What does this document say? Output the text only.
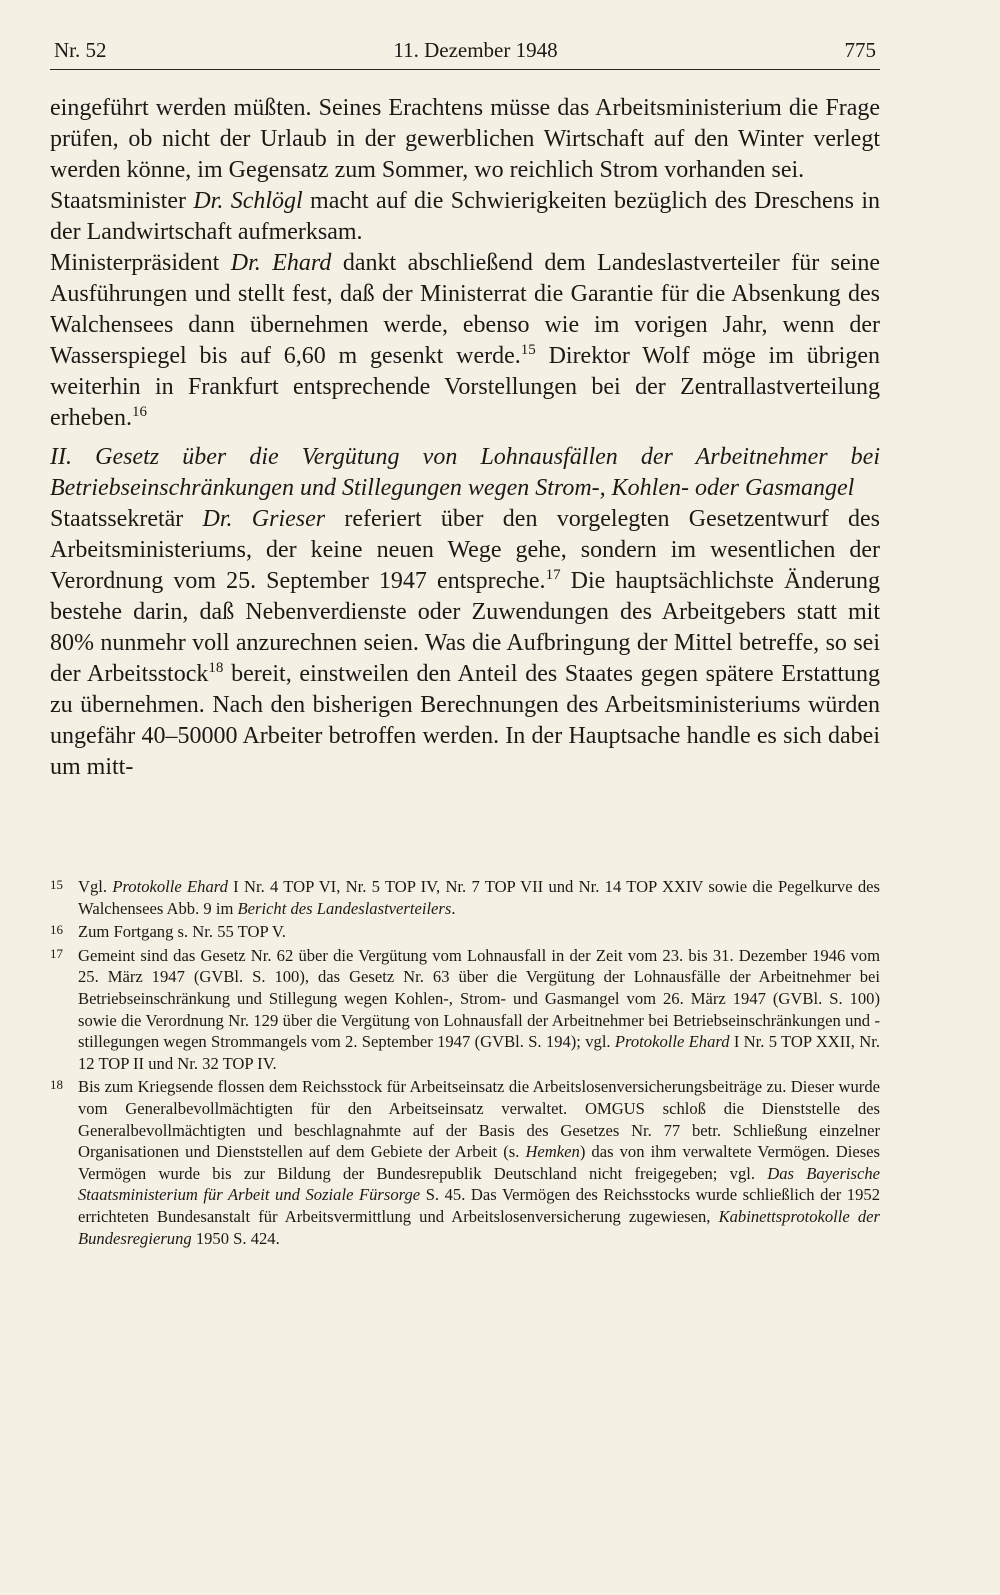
Nr. 52	11. Dezember 1948	775

eingeführt werden müßten. Seines Erachtens müsse das Arbeitsministerium die Frage prüfen, ob nicht der Urlaub in der gewerblichen Wirtschaft auf den Winter verlegt werden könne, im Gegensatz zum Sommer, wo reichlich Strom vorhanden sei.

Staatsminister Dr. Schlögl macht auf die Schwierigkeiten bezüglich des Dreschens in der Landwirtschaft aufmerksam.

Ministerpräsident Dr. Ehard dankt abschließend dem Landeslastverteiler für seine Ausführungen und stellt fest, daß der Ministerrat die Garantie für die Absenkung des Walchensees dann übernehmen werde, ebenso wie im vorigen Jahr, wenn der Wasserspiegel bis auf 6,60 m gesenkt werde.$^{15}$ Direktor Wolf möge im übrigen weiterhin in Frankfurt entsprechende Vorstellungen bei der Zentrallastverteilung erheben.$^{16}$

II. Gesetz über die Vergütung von Lohnausfällen der Arbeitnehmer bei Betriebseinschränkungen und Stillegungen wegen Strom-, Kohlen- oder Gasmangel

Staatssekretär Dr. Grieser referiert über den vorgelegten Gesetzentwurf des Arbeitsministeriums, der keine neuen Wege gehe, sondern im wesentlichen der Verordnung vom 25. September 1947 entspreche.$^{17}$ Die hauptsächlichste Änderung bestehe darin, daß Nebenverdienste oder Zuwendungen des Arbeitgebers statt mit 80% nunmehr voll anzurechnen seien. Was die Aufbringung der Mittel betreffe, so sei der Arbeitsstock$^{18}$ bereit, einstweilen den Anteil des Staates gegen spätere Erstattung zu übernehmen. Nach den bisherigen Berechnungen des Arbeitsministeriums würden ungefähr 40–50000 Arbeiter betroffen werden. In der Hauptsache handle es sich dabei um mitt-

15 Vgl. Protokolle Ehard I Nr. 4 TOP VI, Nr. 5 TOP IV, Nr. 7 TOP VII und Nr. 14 TOP XXIV sowie die Pegelkurve des Walchensees Abb. 9 im Bericht des Landeslastverteilers.
16 Zum Fortgang s. Nr. 55 TOP V.
17 Gemeint sind das Gesetz Nr. 62 über die Vergütung vom Lohnausfall in der Zeit vom 23. bis 31. Dezember 1946 vom 25. März 1947 (GVBl. S. 100), das Gesetz Nr. 63 über die Vergütung der Lohnausfälle der Arbeitnehmer bei Betriebseinschränkung und Stillegung wegen Kohlen-, Strom- und Gasmangel vom 26. März 1947 (GVBl. S. 100) sowie die Verordnung Nr. 129 über die Vergütung von Lohnausfall der Arbeitnehmer bei Betriebseinschränkungen und -stillegungen wegen Strommangels vom 2. September 1947 (GVBl. S. 194); vgl. Protokolle Ehard I Nr. 5 TOP XXII, Nr. 12 TOP II und Nr. 32 TOP IV.
18 Bis zum Kriegsende flossen dem Reichsstock für Arbeitseinsatz die Arbeitslosenversicherungsbeiträge zu. Dieser wurde vom Generalbevollmächtigten für den Arbeitseinsatz verwaltet. OMGUS schloß die Dienststelle des Generalbevollmächtigten und beschlagnahmte auf der Basis des Gesetzes Nr. 77 betr. Schließung einzelner Organisationen und Dienststellen auf dem Gebiete der Arbeit (s. Hemken) das von ihm verwaltete Vermögen. Dieses Vermögen wurde bis zur Bildung der Bundesrepublik Deutschland nicht freigegeben; vgl. Das Bayerische Staatsministerium für Arbeit und Soziale Fürsorge S. 45. Das Vermögen des Reichsstocks wurde schließlich der 1952 errichteten Bundesanstalt für Arbeitsvermittlung und Arbeitslosenversicherung zugewiesen, Kabinettsprotokolle der Bundesregierung 1950 S. 424.
